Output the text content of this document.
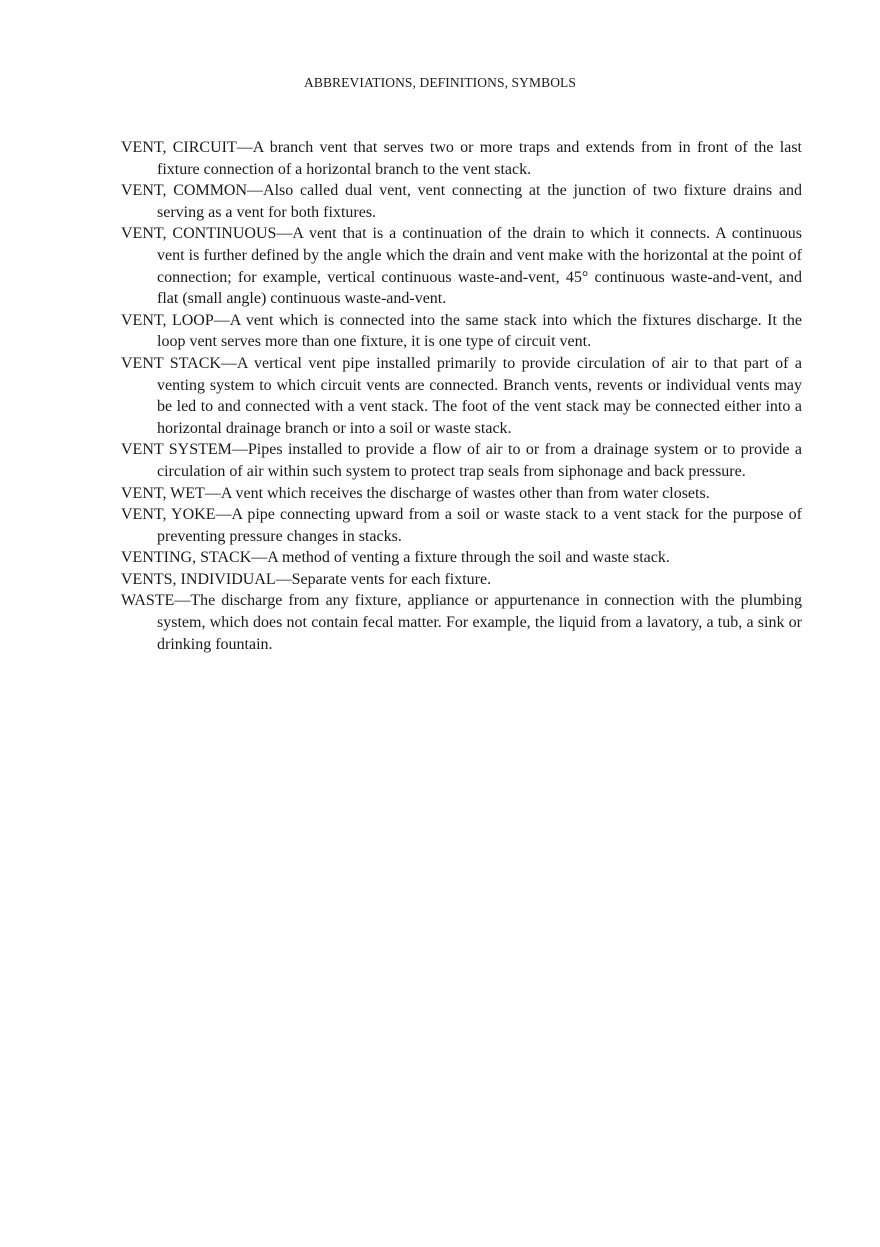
ABBREVIATIONS, DEFINITIONS, SYMBOLS

VENT, CIRCUIT—A branch vent that serves two or more traps and extends from in front of the last fixture connection of a horizontal branch to the vent stack.

VENT, COMMON—Also called dual vent, vent connecting at the junction of two fixture drains and serving as a vent for both fixtures.

VENT, CONTINUOUS—A vent that is a continuation of the drain to which it connects. A continuous vent is further defined by the angle which the drain and vent make with the horizontal at the point of connection; for example, vertical continuous waste-and-vent, 45° continuous waste-and-vent, and flat (small angle) continuous waste-and-vent.

VENT, LOOP—A vent which is connected into the same stack into which the fixtures discharge. It the loop vent serves more than one fixture, it is one type of circuit vent.

VENT STACK—A vertical vent pipe installed primarily to provide circulation of air to that part of a venting system to which circuit vents are connected. Branch vents, revents or individual vents may be led to and connected with a vent stack. The foot of the vent stack may be connected either into a horizontal drainage branch or into a soil or waste stack.

VENT SYSTEM—Pipes installed to provide a flow of air to or from a drainage system or to provide a circulation of air within such system to protect trap seals from siphonage and back pressure.

VENT, WET—A vent which receives the discharge of wastes other than from water closets.

VENT, YOKE—A pipe connecting upward from a soil or waste stack to a vent stack for the purpose of preventing pressure changes in stacks.

VENTING, STACK—A method of venting a fixture through the soil and waste stack.

VENTS, INDIVIDUAL—Separate vents for each fixture.

WASTE—The discharge from any fixture, appliance or appurtenance in connection with the plumbing system, which does not contain fecal matter. For example, the liquid from a lavatory, a tub, a sink or drinking fountain.
